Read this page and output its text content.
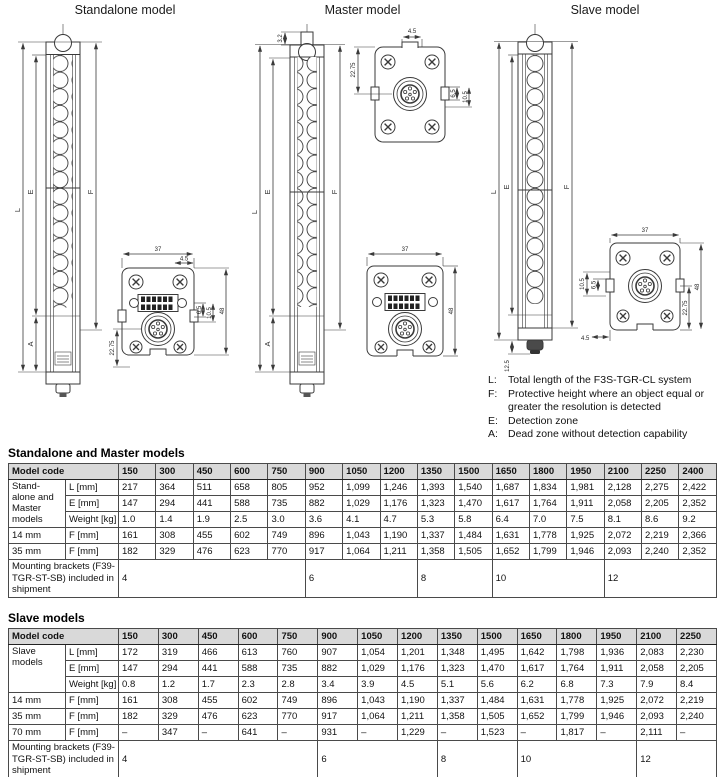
Standalone model	Master model	Slave model
L
E
A
F
37
4.5
6.5 10.5 48
22.75
3.2
L
E
A
F
4.5
22.75
6.5 10.5
37
48
L
E	F
12.5
37
10.5 6.5
4.5
22.75
48
L:	Total length of the F3S-TGR-CL system
F:	Protective height where an object equal or greater the resolution is detected
E: Detection zone
A: Dead zone without detection capability
Standalone and Master models
Model code		150	300	450	600	750	900	1050	1200	1350	1500	1650	1800	1950	2100	2250	2400
Stand-alone and Master models	L [mm]	217	364	511	658	805	952	1,099	1,246	1,393	1,540	1,687	1,834	1,981	2,128	2,275	2,422
	E [mm]	147	294	441	588	735	882	1,029	1,176	1,323	1,470	1,617	1,764	1,911	2,058	2,205	2,352
	Weight [kg]	1.0	1.4	1.9	2.5	3.0	3.6	4.1	4.7	5.3	5.8	6.4	7.0	7.5	8.1	8.6	9.2
14 mm	F [mm]	161	308	455	602	749	896	1,043	1,190	1,337	1,484	1,631	1,778	1,925	2,072	2,219	2,366
35 mm	F [mm]	182	329	476	623	770	917	1,064	1,211	1,358	1,505	1,652	1,799	1,946	2,093	2,240	2,352
Mounting brackets (F39-TGR-ST-SB) included in shipment		4					6			8		10			12		
Slave models
Model code		150	300	450	600	750	900	1050	1200	1350	1500	1650	1800	1950	2100	2250
Slave models	L [mm]	172	319	466	613	760	907	1,054	1,201	1,348	1,495	1,642	1,798	1,936	2,083	2,230
	E [mm]	147	294	441	588	735	882	1,029	1,176	1,323	1,470	1,617	1,764	1,911	2,058	2,205
	Weight [kg]	0.8	1.2	1.7	2.3	2.8	3.4	3.9	4.5	5.1	5.6	6.2	6.8	7.3	7.9	8.4
14 mm	F [mm]	161	308	455	602	749	896	1,043	1,190	1,337	1,484	1,631	1,778	1,925	2,072	2,219
35 mm	F [mm]	182	329	476	623	770	917	1,064	1,211	1,358	1,505	1,652	1,799	1,946	2,093	2,240
70 mm	F [mm]	–	347	–	641	–	931	–	1,229	–	1,523	–	1,817	–	2,111	–
Mounting brackets (F39-TGR-ST-SB) included in shipment		4					6			8		10			12	
